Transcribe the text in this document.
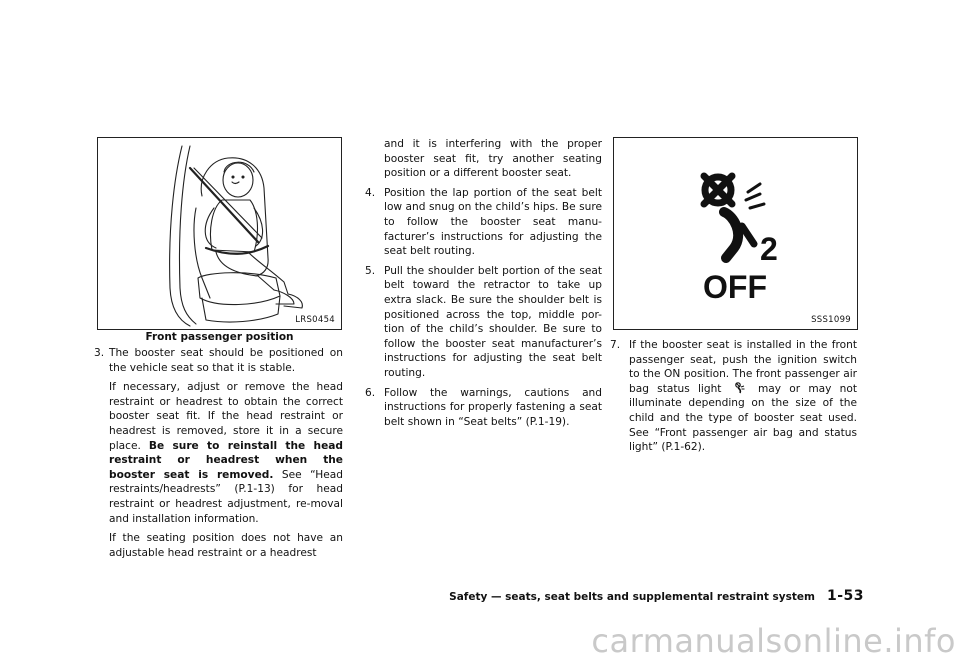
LRS0454
Front passenger position
3. The booster seat should be positioned on the vehicle seat so that it is stable.

If necessary, adjust or remove the head restraint or headrest to obtain the correct booster seat fit. If the head restraint or headrest is removed, store it in a secure place. Be sure to reinstall the head restraint or headrest when the booster seat is removed. See “Head restraints/headrests” (P.1-13) for head restraint or headrest adjustment, re-moval and installation information.

If the seating position does not have an adjustable head restraint or a headrest

and it is interfering with the proper booster seat fit, try another seating position or a different booster seat.

4. Position the lap portion of the seat belt low and snug on the child’s hips. Be sure to follow the booster seat manu-facturer’s instructions for adjusting the seat belt routing.

5. Pull the shoulder belt portion of the seat belt toward the retractor to take up extra slack. Be sure the shoulder belt is positioned across the top, middle por-tion of the child’s shoulder. Be sure to follow the booster seat manufacturer’s instructions for adjusting the seat belt routing.

6. Follow the warnings, cautions and instructions for properly fastening a seat belt shown in “Seat belts” (P.1-19).

2
OFF
SSS1099
7. If the booster seat is installed in the front passenger seat, push the ignition switch to the ON position. The front passenger air bag status light	may or may not illuminate depending on the size of the child and the type of booster seat used. See “Front passenger air bag and status light” (P.1-62).

Safety — seats, seat belts and supplemental restraint system 1-53
carmanualsonline.info
